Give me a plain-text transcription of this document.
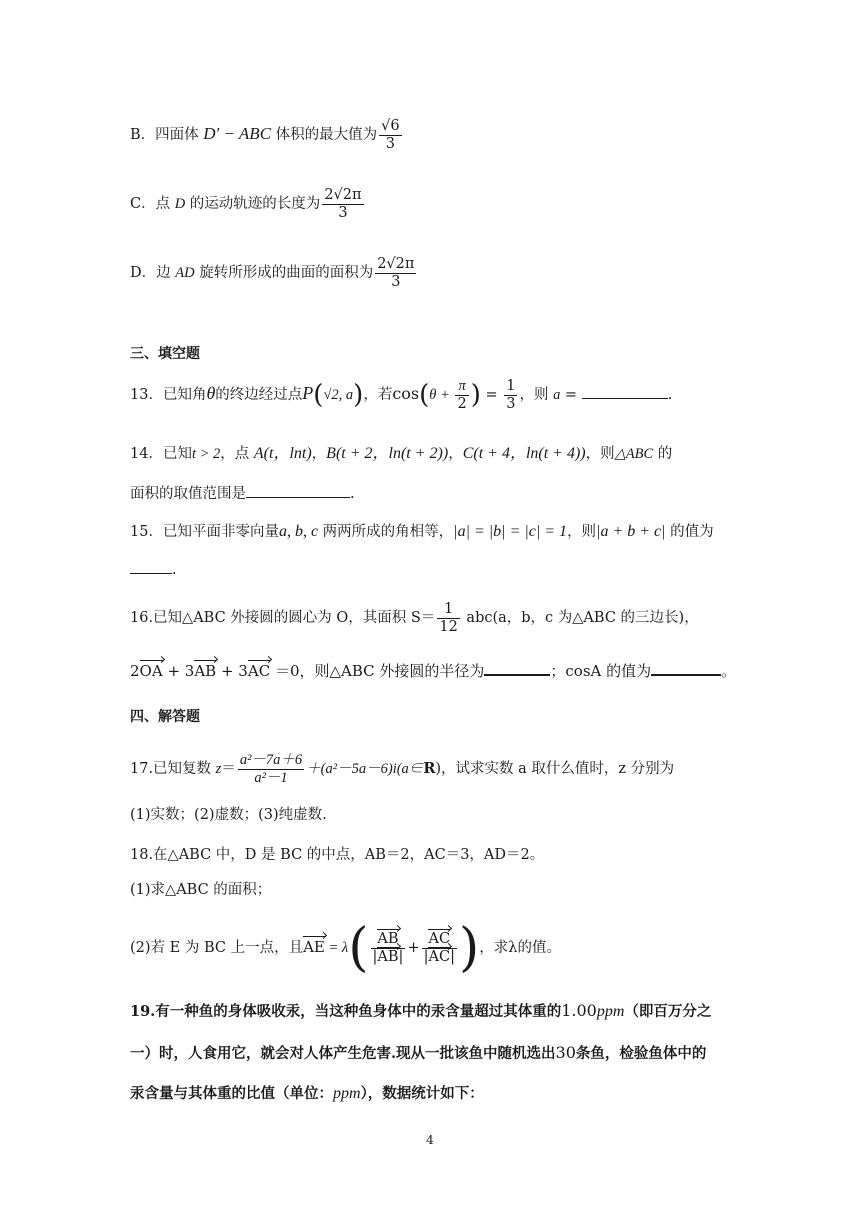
B．四面体 D′ − ABC 体积的最大值为 $\frac{√6}{3}$
C．点 D 的运动轨迹的长度为 $\frac{2√2\pi}{3}$
D．边 AD 旋转所形成的曲面的面积为 $\frac{2√2\pi}{3}$
三、填空题
13．已知角θ的终边经过点P(√2, a)，若$\cos(\theta + \frac{\pi}{2}$ ) = $\frac{1}{3}$ ，则 a =	.
14．已知t > 2，点 A(t，lnt)，B(t + 2，ln(t + 2))，C(t + 4，ln(t + 4))，则△ABC 的
面积的取值范围是	.
15．已知平面非零向量a, b, c 两两所成的角相等，|a| = |b| = |c| = 1，则|a + b + c| 的值为
.
16.已知△ABC 外接圆的圆心为 O，其面积 $S= \frac{1}{12} abc(a$，b，c 为△ABC 的三边长)，
2OA + 3AB + 3AC ＝0，则△ABC 外接圆的半径为	；cosA 的值为	。
四、解答题
17.已知复数 $z= \frac{\text{a²－7a＋6}}{\text{a²－1}}$ ＋(a²－5a－6)i(a∈R)，试求实数 a 取什么值时，z 分别为
(1)实数；(2)虚数；(3)纯虚数.
18.在△ABC 中，D 是 BC 的中点，AB＝2，AC＝3，AD＝2。
(1)求△ABC 的面积；
(2)若 E 为 BC 上一点，且AE = $\lambda( \frac{AB}{|AB|} + \frac{AC}{|AC|}$ )，求λ的值。
19.有一种鱼的身体吸收汞，当这种鱼身体中的汞含量超过其体重的1.00ppm（即百万分之
一）时，人食用它，就会对人体产生危害.现从一批该鱼中随机选出30条鱼，检验鱼体中的
汞含量与其体重的比值（单位：ppm），数据统计如下：
4
